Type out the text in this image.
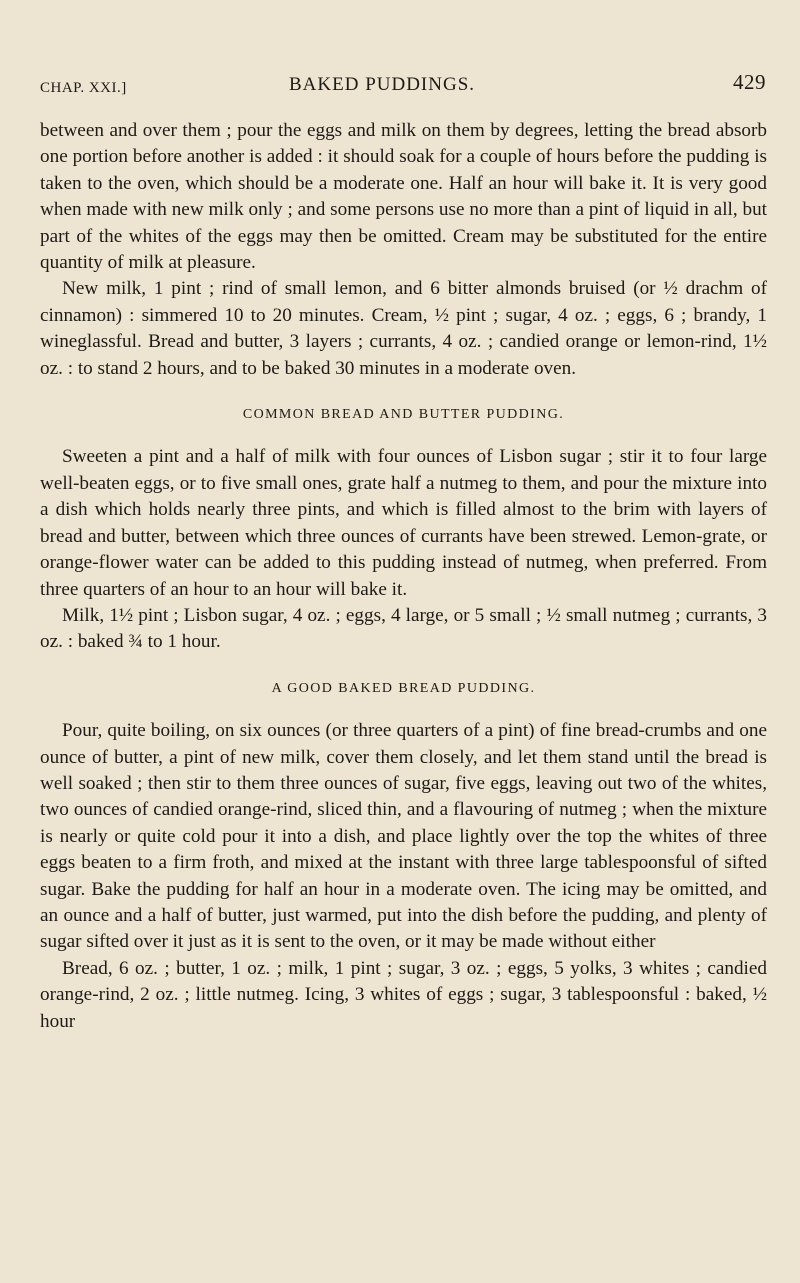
CHAP. XXI.]	BAKED PUDDINGS.	429

between and over them ; pour the eggs and milk on them by degrees, letting the bread absorb one portion before another is added : it should soak for a couple of hours before the pudding is taken to the oven, which should be a moderate one. Half an hour will bake it. It is very good when made with new milk only ; and some persons use no more than a pint of liquid in all, but part of the whites of the eggs may then be omitted. Cream may be substituted for the entire quantity of milk at pleasure.

New milk, 1 pint ; rind of small lemon, and 6 bitter almonds bruised (or ½ drachm of cinnamon) : simmered 10 to 20 minutes. Cream, ½ pint ; sugar, 4 oz. ; eggs, 6 ; brandy, 1 wineglassful. Bread and butter, 3 layers ; currants, 4 oz. ; candied orange or lemon-rind, 1½ oz. : to stand 2 hours, and to be baked 30 minutes in a moderate oven.

COMMON BREAD AND BUTTER PUDDING.

Sweeten a pint and a half of milk with four ounces of Lisbon sugar ; stir it to four large well-beaten eggs, or to five small ones, grate half a nutmeg to them, and pour the mixture into a dish which holds nearly three pints, and which is filled almost to the brim with layers of bread and butter, between which three ounces of currants have been strewed. Lemon-grate, or orange-flower water can be added to this pudding instead of nutmeg, when preferred. From three quarters of an hour to an hour will bake it.

Milk, 1½ pint ; Lisbon sugar, 4 oz. ; eggs, 4 large, or 5 small ; ½ small nutmeg ; currants, 3 oz. : baked ¾ to 1 hour.

A GOOD BAKED BREAD PUDDING.

Pour, quite boiling, on six ounces (or three quarters of a pint) of fine bread-crumbs and one ounce of butter, a pint of new milk, cover them closely, and let them stand until the bread is well soaked ; then stir to them three ounces of sugar, five eggs, leaving out two of the whites, two ounces of candied orange-rind, sliced thin, and a flavouring of nutmeg ; when the mixture is nearly or quite cold pour it into a dish, and place lightly over the top the whites of three eggs beaten to a firm froth, and mixed at the instant with three large tablespoonsful of sifted sugar. Bake the pudding for half an hour in a moderate oven. The icing may be omitted, and an ounce and a half of butter, just warmed, put into the dish before the pudding, and plenty of sugar sifted over it just as it is sent to the oven, or it may be made without either

Bread, 6 oz. ; butter, 1 oz. ; milk, 1 pint ; sugar, 3 oz. ; eggs, 5 yolks, 3 whites ; candied orange-rind, 2 oz. ; little nutmeg. Icing, 3 whites of eggs ; sugar, 3 tablespoonsful : baked, ½ hour
